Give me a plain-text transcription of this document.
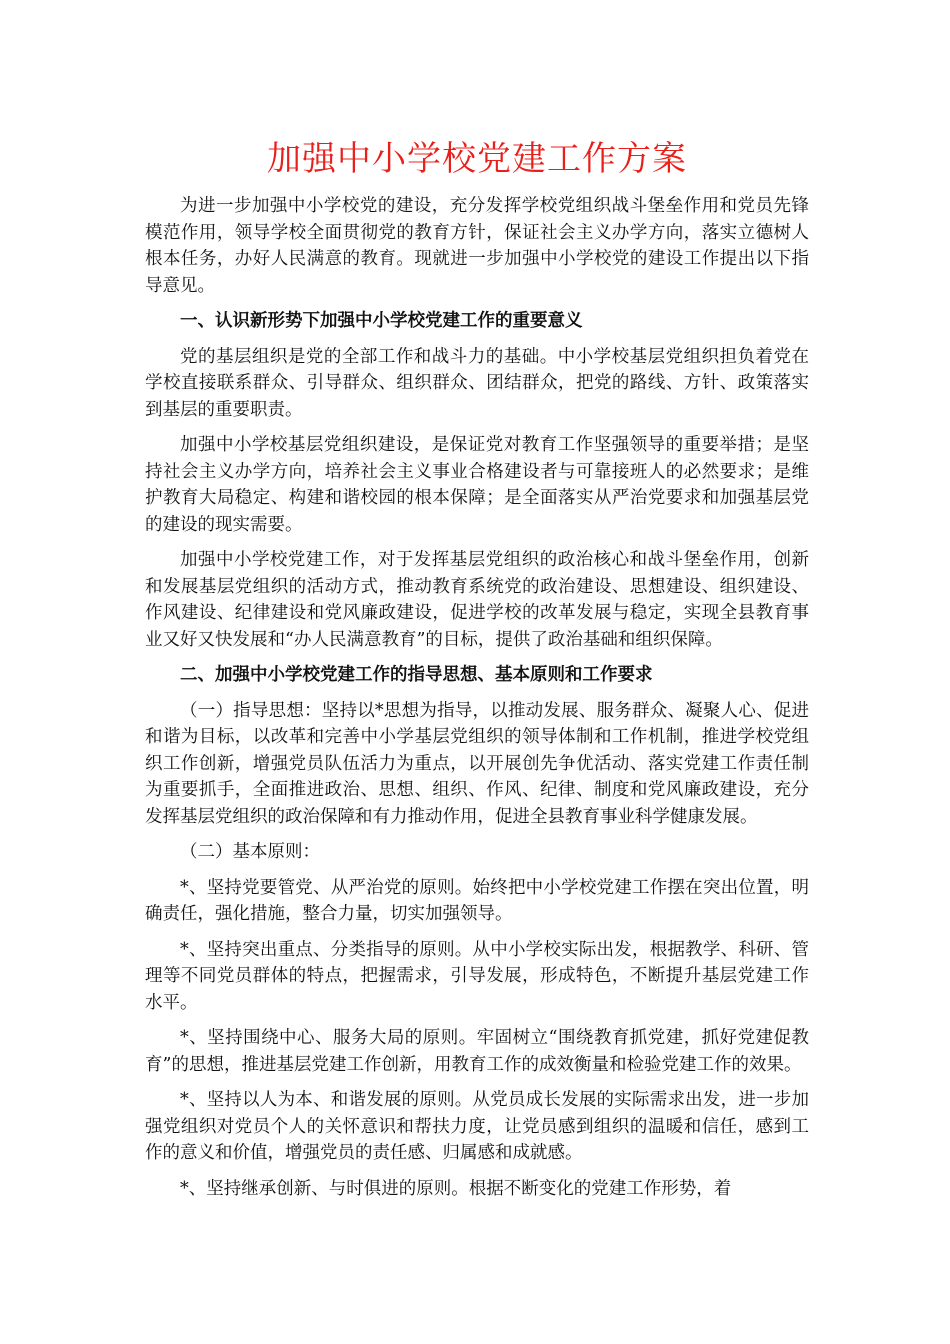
加强中小学校党建工作方案

为进一步加强中小学校党的建设，充分发挥学校党组织战斗堡垒作用和党员先锋模范作用，领导学校全面贯彻党的教育方针，保证社会主义办学方向，落实立德树人根本任务，办好人民满意的教育。现就进一步加强中小学校党的建设工作提出以下指导意见。

一、认识新形势下加强中小学校党建工作的重要意义

党的基层组织是党的全部工作和战斗力的基础。中小学校基层党组织担负着党在学校直接联系群众、引导群众、组织群众、团结群众，把党的路线、方针、政策落实到基层的重要职责。

加强中小学校基层党组织建设，是保证党对教育工作坚强领导的重要举措；是坚持社会主义办学方向，培养社会主义事业合格建设者与可靠接班人的必然要求；是维护教育大局稳定、构建和谐校园的根本保障；是全面落实从严治党要求和加强基层党的建设的现实需要。

加强中小学校党建工作，对于发挥基层党组织的政治核心和战斗堡垒作用，创新和发展基层党组织的活动方式，推动教育系统党的政治建设、思想建设、组织建设、作风建设、纪律建设和党风廉政建设，促进学校的改革发展与稳定，实现全县教育事业又好又快发展和“办人民满意教育”的目标，提供了政治基础和组织保障。

二、加强中小学校党建工作的指导思想、基本原则和工作要求

（一）指导思想：坚持以*思想为指导，以推动发展、服务群众、凝聚人心、促进和谐为目标，以改革和完善中小学基层党组织的领导体制和工作机制，推进学校党组织工作创新，增强党员队伍活力为重点，以开展创先争优活动、落实党建工作责任制为重要抓手，全面推进政治、思想、组织、作风、纪律、制度和党风廉政建设，充分发挥基层党组织的政治保障和有力推动作用，促进全县教育事业科学健康发展。

（二）基本原则：

*、坚持党要管党、从严治党的原则。始终把中小学校党建工作摆在突出位置，明确责任，强化措施，整合力量，切实加强领导。

*、坚持突出重点、分类指导的原则。从中小学校实际出发，根据教学、科研、管理等不同党员群体的特点，把握需求，引导发展，形成特色，不断提升基层党建工作水平。

*、坚持围绕中心、服务大局的原则。牢固树立“围绕教育抓党建，抓好党建促教育”的思想，推进基层党建工作创新，用教育工作的成效衡量和检验党建工作的效果。

*、坚持以人为本、和谐发展的原则。从党员成长发展的实际需求出发，进一步加强党组织对党员个人的关怀意识和帮扶力度，让党员感到组织的温暖和信任，感到工作的意义和价值，增强党员的责任感、归属感和成就感。

*、坚持继承创新、与时俱进的原则。根据不断变化的党建工作形势，着
